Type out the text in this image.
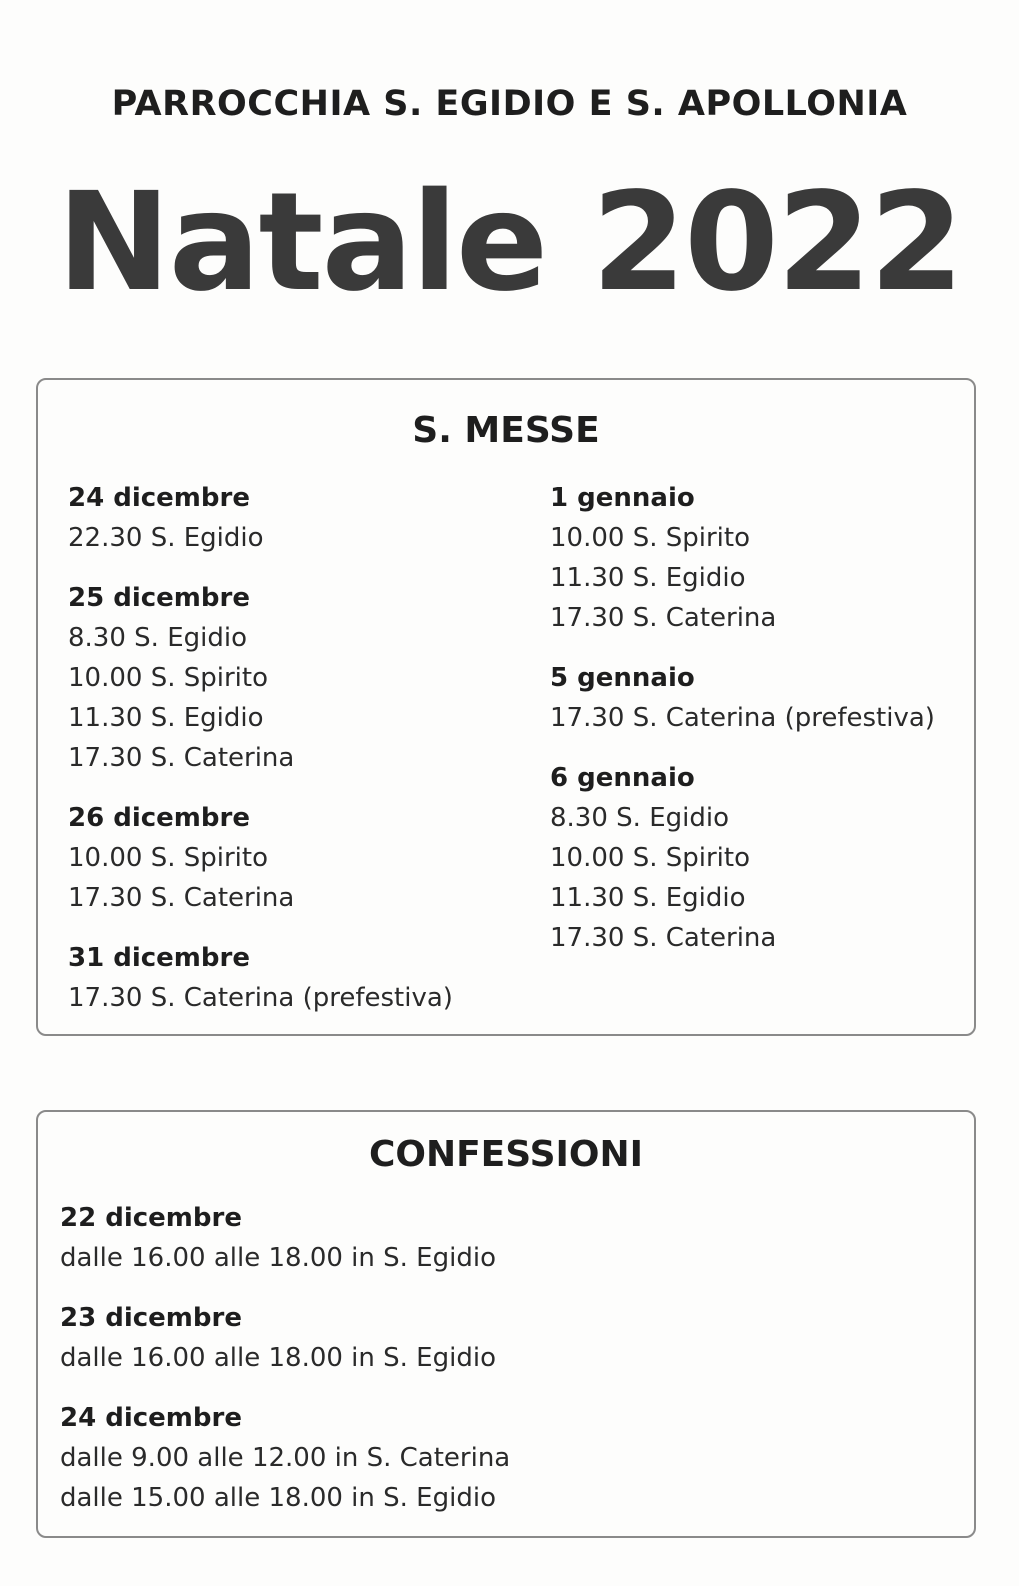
PARROCCHIA S. EGIDIO E S. APOLLONIA
Natale 2022
S. MESSE
24 dicembre
22.30 S. Egidio
25 dicembre
8.30 S. Egidio
10.00 S. Spirito
11.30 S. Egidio
17.30 S. Caterina
26 dicembre
10.00 S. Spirito
17.30 S. Caterina
31 dicembre
17.30 S. Caterina (prefestiva)
1 gennaio
10.00 S. Spirito
11.30 S. Egidio
17.30 S. Caterina
5 gennaio
17.30 S. Caterina (prefestiva)
6 gennaio
8.30 S. Egidio
10.00 S. Spirito
11.30 S. Egidio
17.30 S. Caterina
CONFESSIONI
22 dicembre
dalle 16.00 alle 18.00 in S. Egidio
23 dicembre
dalle 16.00 alle 18.00 in S. Egidio
24 dicembre
dalle 9.00 alle 12.00 in S. Caterina
dalle 15.00 alle 18.00 in S. Egidio
